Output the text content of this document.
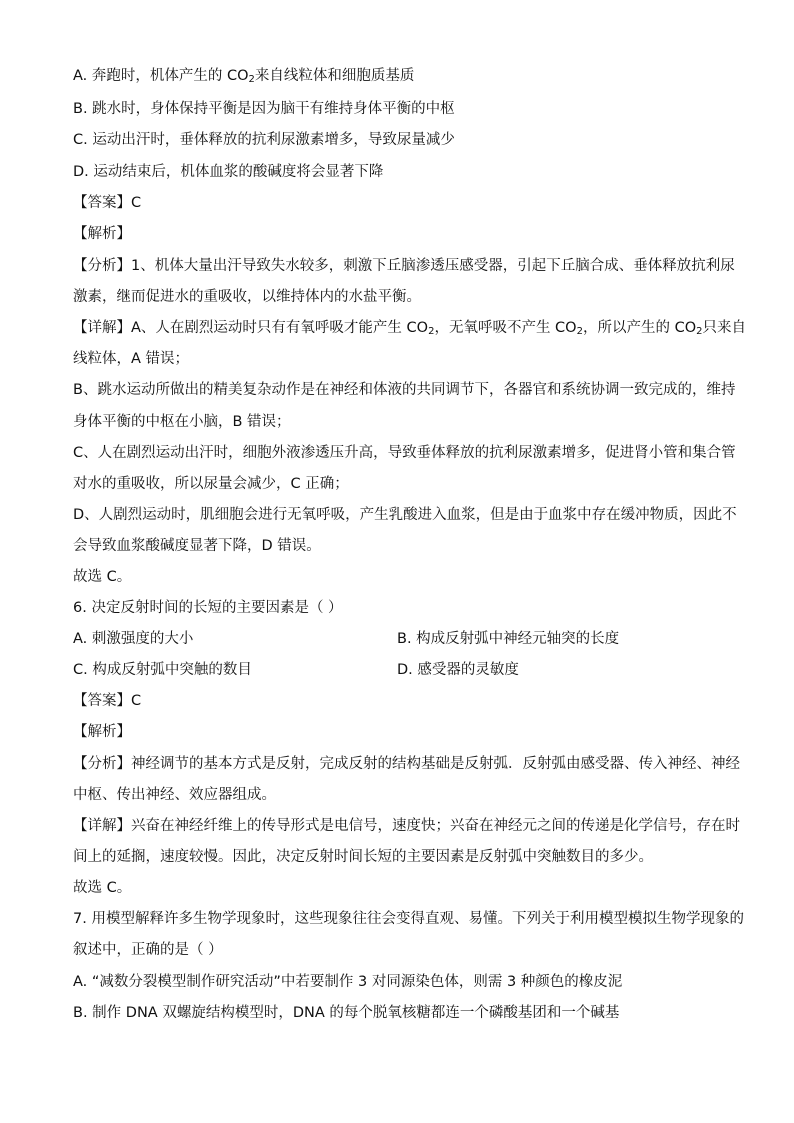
A. 奔跑时，机体产生的 $CO_2$来自线粒体和细胞质基质
B. 跳水时，身体保持平衡是因为脑干有维持身体平衡的中枢
C. 运动出汗时，垂体释放的抗利尿激素增多，导致尿量减少
D. 运动结束后，机体血浆的酸碱度将会显著下降
【答案】C
【解析】
【分析】1、机体大量出汗导致失水较多，刺激下丘脑渗透压感受器，引起下丘脑合成、垂体释放抗利尿
激素，继而促进水的重吸收，以维持体内的水盐平衡。
【详解】A、人在剧烈运动时只有有氧呼吸才能产生 $CO_2$，无氧呼吸不产生 $CO_2$，所以产生的 $CO_2$只来自
线粒体，A 错误；
B、跳水运动所做出的精美复杂动作是在神经和体液的共同调节下，各器官和系统协调一致完成的，维持
身体平衡的中枢在小脑，B 错误；
C、人在剧烈运动出汗时，细胞外液渗透压升高，导致垂体释放的抗利尿激素增多，促进肾小管和集合管
对水的重吸收，所以尿量会减少，C 正确；
D、人剧烈运动时，肌细胞会进行无氧呼吸，产生乳酸进入血浆，但是由于血浆中存在缓冲物质，因此不
会导致血浆酸碱度显著下降，D 错误。
故选 C。
6. 决定反射时间的长短的主要因素是（ ）
A. 刺激强度的大小	B. 构成反射弧中神经元轴突的长度
C. 构成反射弧中突触的数目	D. 感受器的灵敏度
【答案】C
【解析】
【分析】神经调节的基本方式是反射，完成反射的结构基础是反射弧．反射弧由感受器、传入神经、神经
中枢、传出神经、效应器组成。
【详解】兴奋在神经纤维上的传导形式是电信号，速度快；兴奋在神经元之间的传递是化学信号，存在时
间上的延搁，速度较慢。因此，决定反射时间长短的主要因素是反射弧中突触数目的多少。
故选 C。
7. 用模型解释许多生物学现象时，这些现象往往会变得直观、易懂。下列关于利用模型模拟生物学现象的
叙述中，正确的是（ ）
A. “减数分裂模型制作研究活动”中若要制作 3 对同源染色体，则需 3 种颜色的橡皮泥
B. 制作 DNA 双螺旋结构模型时，DNA 的每个脱氧核糖都连一个磷酸基团和一个碱基
